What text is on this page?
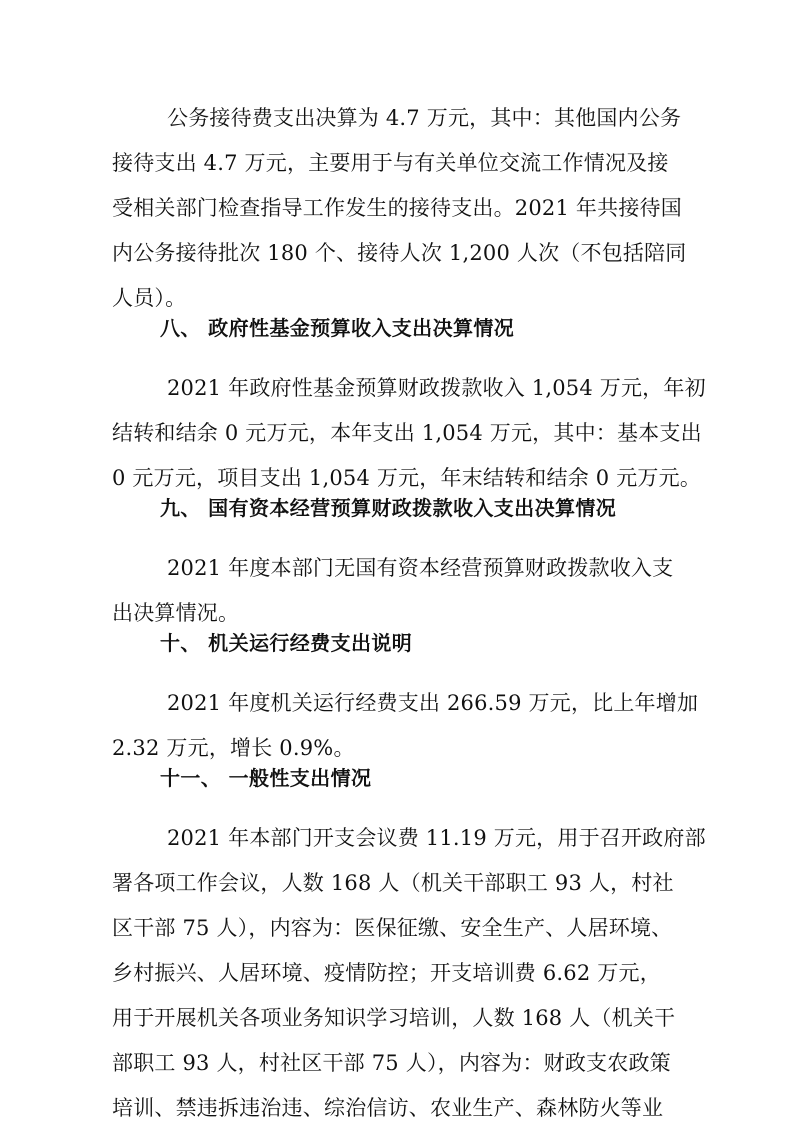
公务接待费支出决算为 4.7 万元，其中：其他国内公务
接待支出 4.7 万元，主要用于与有关单位交流工作情况及接
受相关部门检查指导工作发生的接待支出。2021 年共接待国
内公务接待批次 180 个、接待人次 1,200 人次（不包括陪同
人员）。
八、 政府性基金预算收入支出决算情况
2021 年政府性基金预算财政拨款收入 1,054 万元，年初
结转和结余 0 元万元，本年支出 1,054 万元，其中：基本支出
0 元万元，项目支出 1,054 万元，年末结转和结余 0 元万元。
九、 国有资本经营预算财政拨款收入支出决算情况
2021 年度本部门无国有资本经营预算财政拨款收入支
出决算情况。
十、 机关运行经费支出说明
2021 年度机关运行经费支出 266.59 万元，比上年增加
2.32 万元，增长 0.9%。
十一、 一般性支出情况
2021 年本部门开支会议费 11.19 万元，用于召开政府部
署各项工作会议，人数 168 人（机关干部职工 93 人，村社
区干部 75 人），内容为：医保征缴、安全生产、人居环境、
乡村振兴、人居环境、疫情防控；开支培训费 6.62 万元，
用于开展机关各项业务知识学习培训，人数 168 人（机关干
部职工 93 人，村社区干部 75 人），内容为：财政支农政策
培训、禁违拆违治违、综治信访、农业生产、森林防火等业
